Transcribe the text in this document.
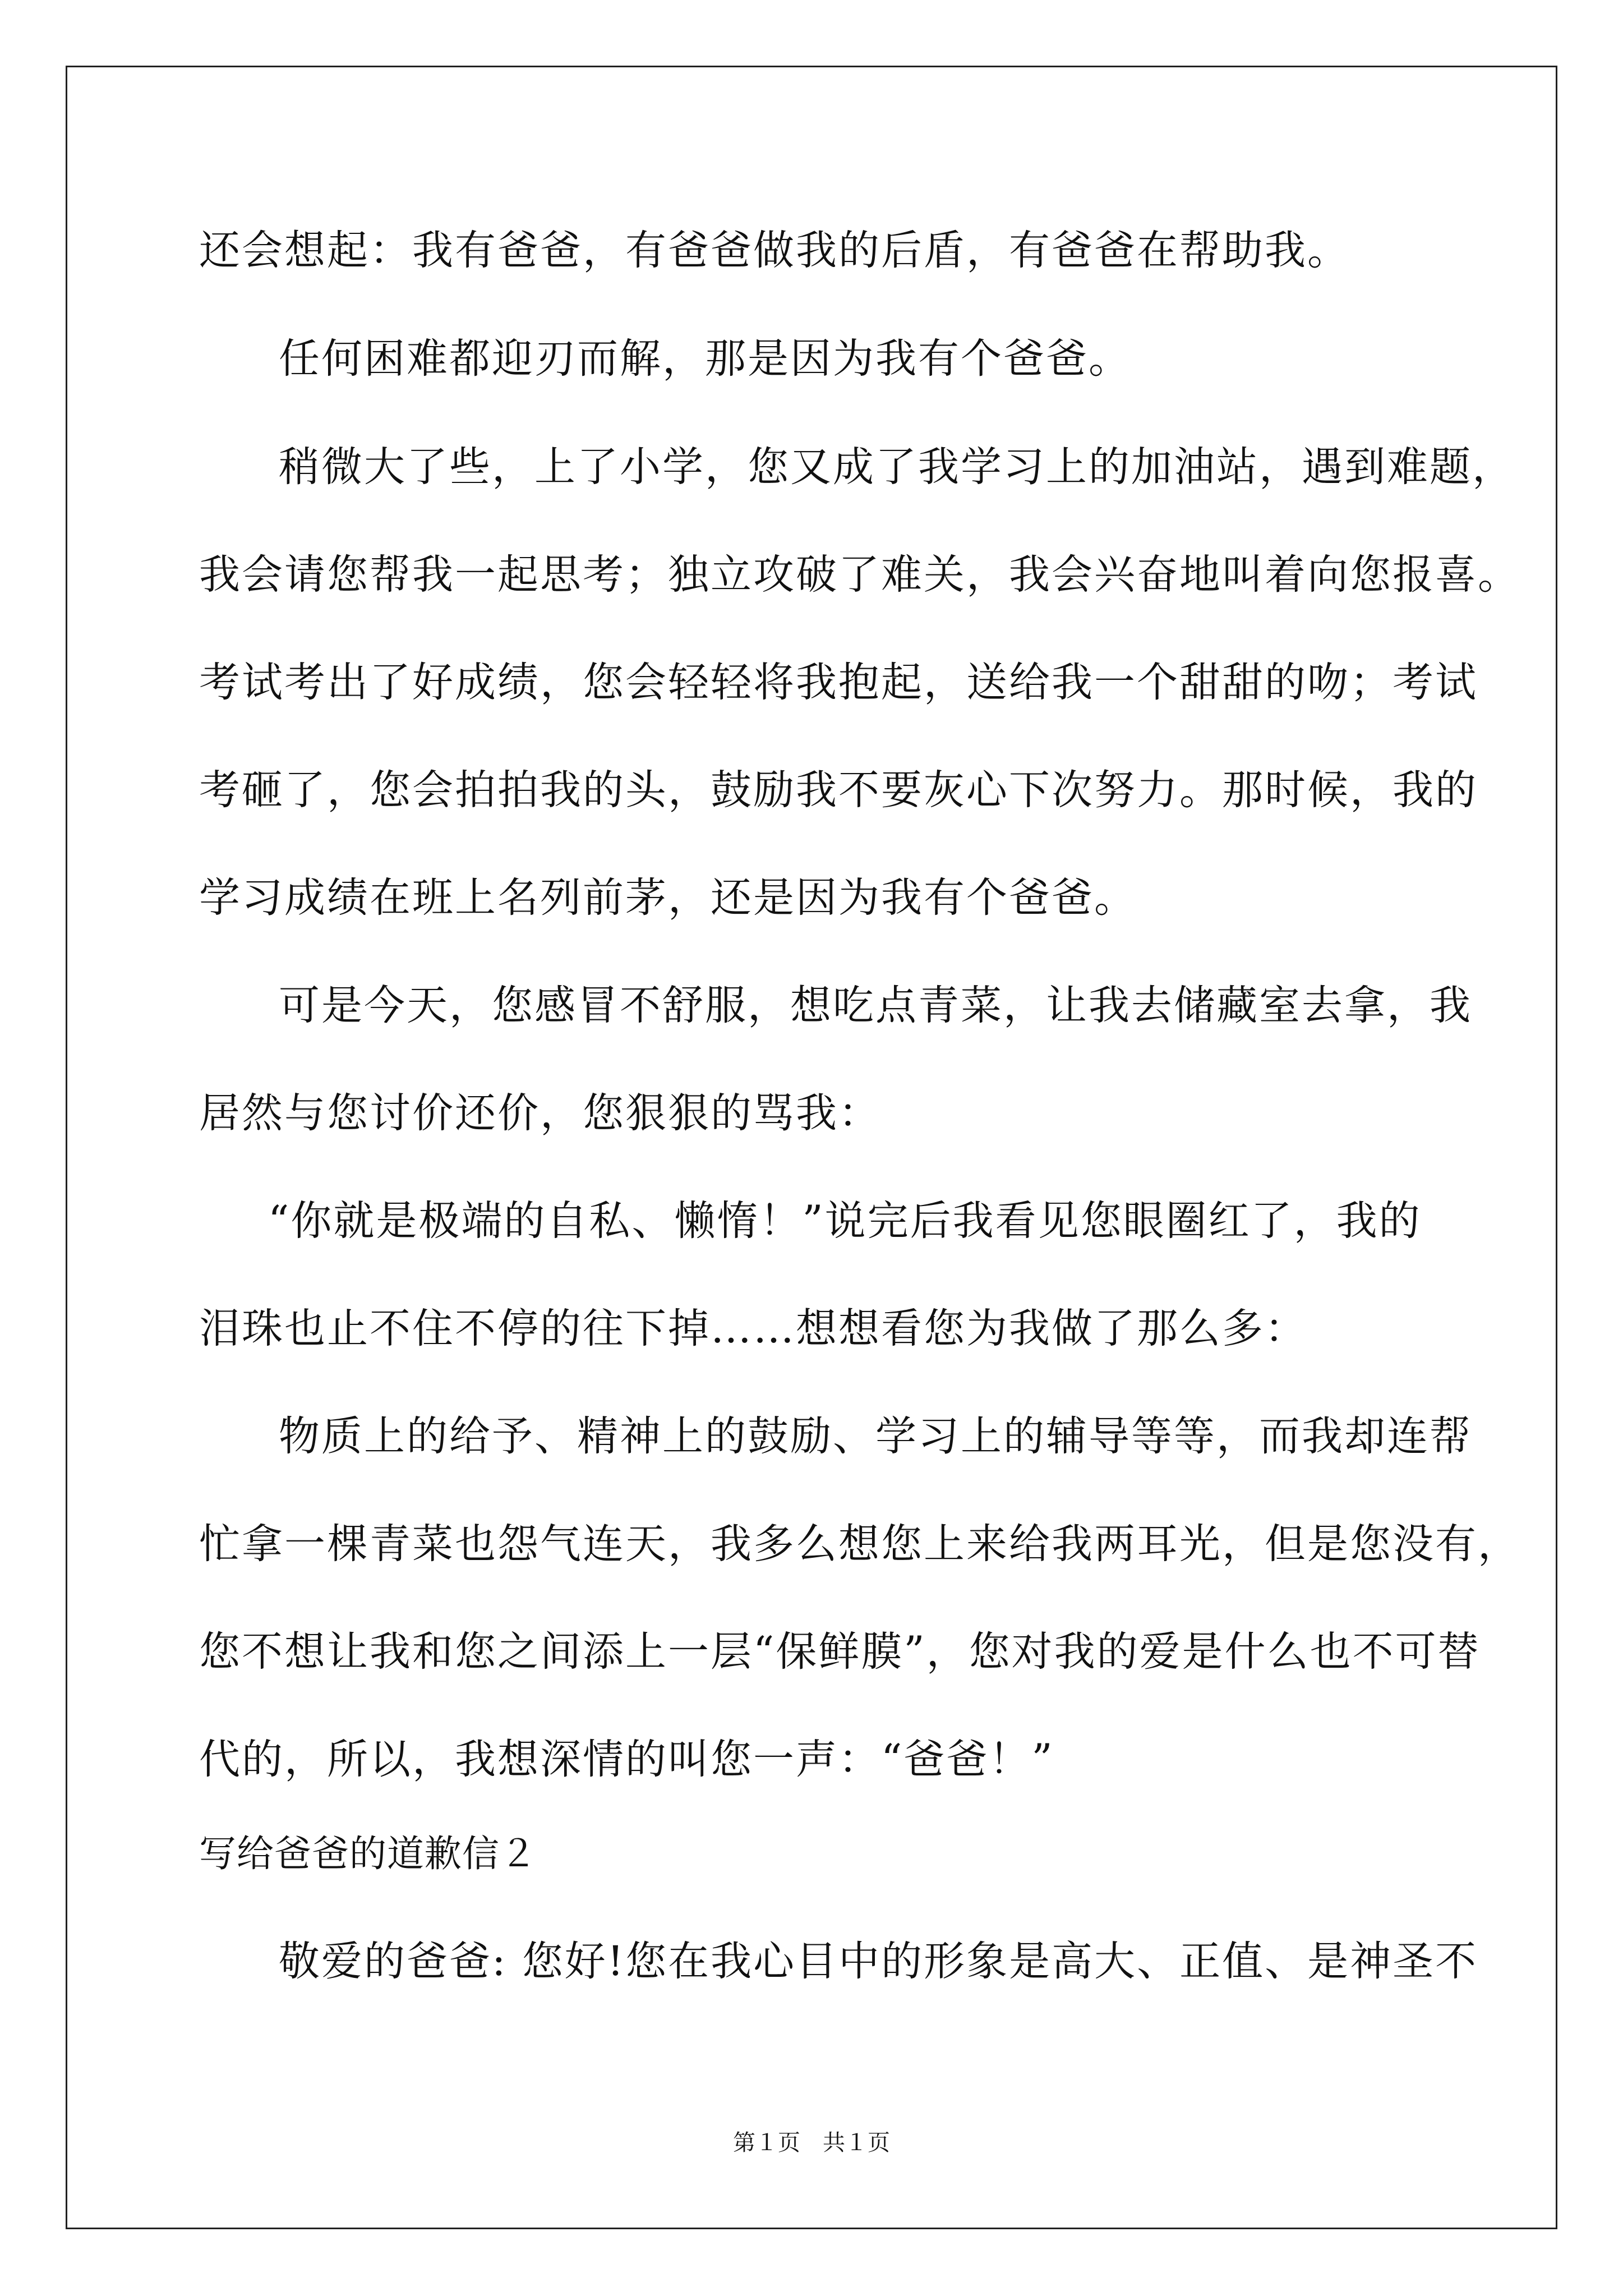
还会想起：我有爸爸，有爸爸做我的后盾，有爸爸在帮助我。
任何困难都迎刃而解，那是因为我有个爸爸。
稍微大了些，上了小学，您又成了我学习上的加油站，遇到难题，
我会请您帮我一起思考；独立攻破了难关，我会兴奋地叫着向您报喜。
考试考出了好成绩，您会轻轻将我抱起，送给我一个甜甜的吻；考试
考砸了，您会拍拍我的头，鼓励我不要灰心下次努力。那时候，我的
学习成绩在班上名列前茅，还是因为我有个爸爸。
可是今天，您感冒不舒服，想吃点青菜，让我去储藏室去拿，我
居然与您讨价还价，您狠狠的骂我：
“你就是极端的自私、懒惰！”说完后我看见您眼圈红了，我的
泪珠也止不住不停的往下掉……想想看您为我做了那么多：
物质上的给予、精神上的鼓励、学习上的辅导等等，而我却连帮
忙拿一棵青菜也怨气连天，我多么想您上来给我两耳光，但是您没有，
您不想让我和您之间添上一层“保鲜膜”，您对我的爱是什么也不可替
代的，所以，我想深情的叫您一声：“爸爸！”
写给爸爸的道歉信２
敬爱的爸爸: 您好!您在我心目中的形象是高大、正值、是神圣不
第１页　共１页
